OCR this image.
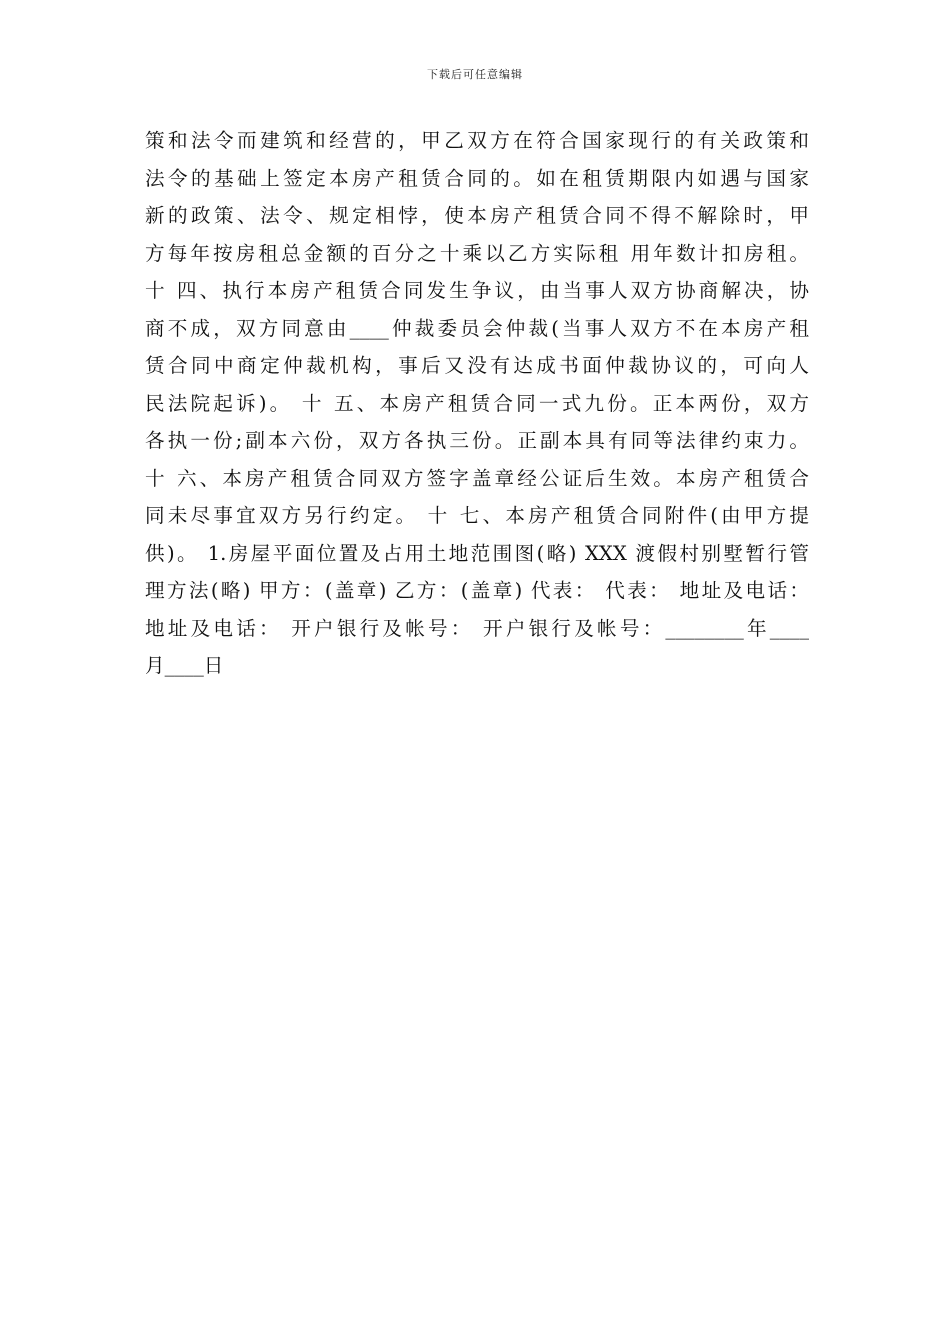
下载后可任意编辑
策和法令而建筑和经营的，甲乙双方在符合国家现行的有关政策和
法令的基础上签定本房产租赁合同的。如在租赁期限内如遇与国家
新的政策、法令、规定相悖，使本房产租赁合同不得不解除时，甲
方每年按房租总金额的百分之十乘以乙方实际租 用年数计扣房租。
十 四、执行本房产租赁合同发生争议，由当事人双方协商解决，协
商不成，双方同意由____仲裁委员会仲裁(当事人双方不在本房产租
赁合同中商定仲裁机构，事后又没有达成书面仲裁协议的，可向人
民法院起诉)。 十 五、本房产租赁合同一式九份。正本两份，双方
各执一份;副本六份，双方各执三份。正副本具有同等法律约束力。
十 六、本房产租赁合同双方签字盖章经公证后生效。本房产租赁合
同未尽事宜双方另行约定。 十 七、本房产租赁合同附件(由甲方提
供)。 1.房屋平面位置及占用土地范围图(略) XXX 渡假村别墅暂行管
理方法(略) 甲方：(盖章) 乙方：(盖章) 代表： 代表： 地址及电话：
地址及电话： 开户银行及帐号： 开户银行及帐号：________年____
月____日
